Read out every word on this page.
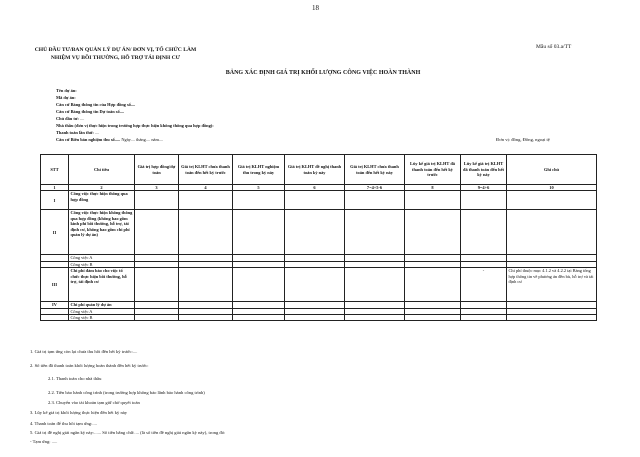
18
Mẫu số 03.a/TT
CHỦ ĐẦU TƯ/BAN QUẢN LÝ DỰ ÁN/ ĐƠN VỊ, TỔ CHỨC LÀM NHIỆM VỤ BỒI THƯỜNG, HỖ TRỢ TÁI ĐỊNH CƯ
BẢNG XÁC ĐỊNH GIÁ TRỊ KHỐI LƯỢNG CÔNG VIỆC HOÀN THÀNH
Tên dự án:
Mã dự án:
Căn cứ Bảng thông tin của Hợp đồng số....
Căn cứ Bảng thông tin Dự toán số....
Chủ đầu tư: ....
Nhà thầu (đơn vị thực hiện trong trường hợp thực hiện không thông qua hợp đồng):
Thanh toán lần thứ: ....
Căn cứ Biên bản nghiệm thu số..... Ngày.... tháng.... năm....	Đơn vị: đồng, Đồng, ngoại tệ
STT	Chỉ tiêu	Giá trị hợp đồng/dự toán	Giá trị KLHT chưa thanh toán đến hết kỳ trước	Giá trị KLHT nghiệm thu trong kỳ này	Giá trị KLHT đề nghị thanh toán kỳ này	Giá trị KLHT chưa thanh toán đến hết kỳ này	Lũy kế giá trị KLHT đã thanh toán đến hết kỳ trước	Lũy kế giá trị KLHT đã thanh toán đến hết kỳ này	Ghi chú
1	2	3	4	5	6	7=4+5-6	8	9=4+6	10
I	Công việc thực hiện thông qua hợp đồng								
II	Công việc thực hiện không thông qua hợp đồng (không bao gồm kinh phí bồi thường, hỗ trợ, tái định cư, không bao gồm chi phí quản lý dự án)								
	Công việc A								
	Công việc B								
III	Chi phí đảm bảo cho việc tổ chức thực hiện bồi thường, hỗ trợ, tái định cư							-	Chi phí thuộc mục 4.1.2 và 4.2.2 tại Bảng tổng hợp thông tin về phương án đền bù, hỗ trợ và tái định cư
IV	Chi phí quản lý dự án								
	Công việc A								
	Công việc B								
1. Giá trị tạm ứng còn lại chưa thu hồi đến hết kỳ trước:....
2. Số tiền đã thanh toán khối lượng hoàn thành đến hết kỳ trước:
2.1. Thanh toán cho nhà thầu
2.2. Tiền bảo hành công trình (trong trường hợp không bảo lãnh bảo hành công trình)
2.3. Chuyển vào tài khoản tạm giữ chờ quyết toán
3. Lũy kế giá trị khối lượng thực hiện đến hết kỳ này
4. Thanh toán để thu hồi tạm ứng:....
5. Giá trị đề nghị giải ngân kỳ này:...... Số tiền bằng chữ:.... (là số tiền đề nghị giải ngân kỳ này), trong đó:
- Tạm ứng: .....
